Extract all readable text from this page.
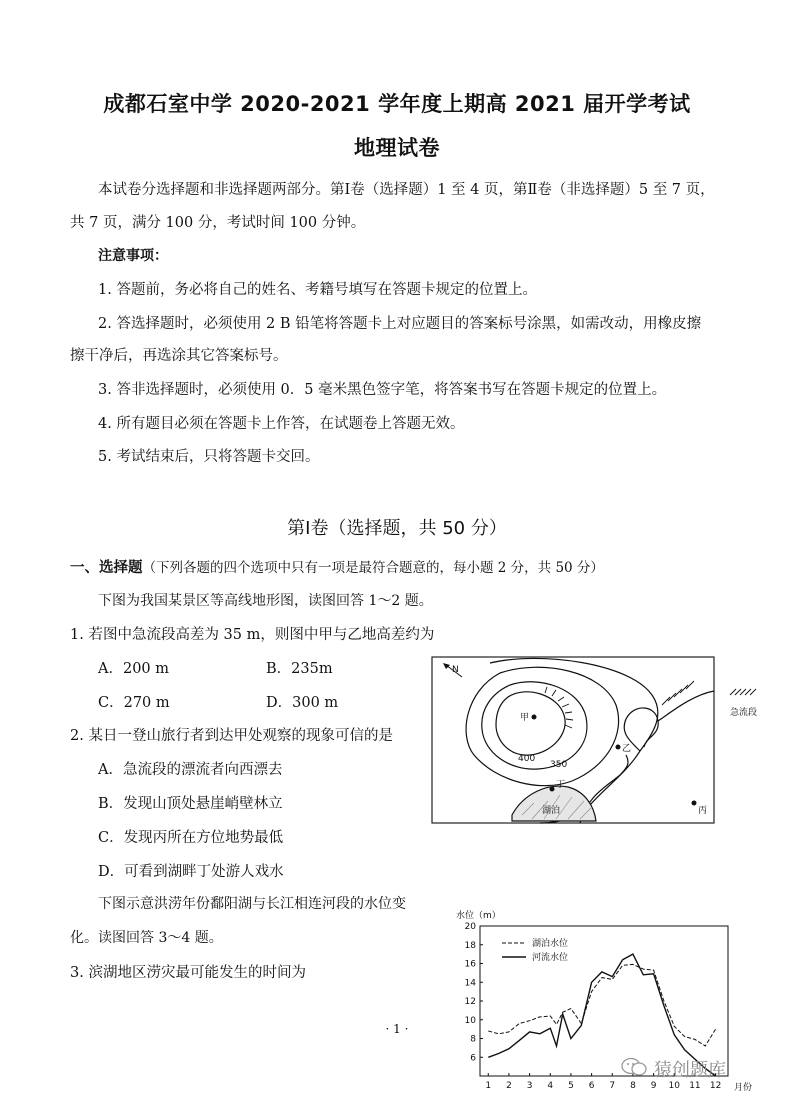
成都石室中学 2020-2021 学年度上期高 2021 届开学考试
地理试卷
本试卷分选择题和非选择题两部分。第Ⅰ卷（选择题）1 至 4 页，第Ⅱ卷（非选择题）5 至 7 页，
共 7 页，满分 100 分，考试时间 100 分钟。
注意事项：
1. 答题前，务必将自己的姓名、考籍号填写在答题卡规定的位置上。
2. 答选择题时，必须使用 2 B 铅笔将答题卡上对应题目的答案标号涂黑，如需改动，用橡皮擦
擦干净后，再选涂其它答案标号。
3. 答非选择题时，必须使用 0．5 毫米黑色签字笔，将答案书写在答题卡规定的位置上。
4. 所有题目必须在答题卡上作答，在试题卷上答题无效。
5. 考试结束后，只将答题卡交回。
第Ⅰ卷（选择题，共 50 分）
一、选择题（下列各题的四个选项中只有一项是最符合题意的，每小题 2 分，共 50 分）
下图为我国某景区等高线地形图，读图回答 1～2 题。
1. 若图中急流段高差为 35 m，则图中甲与乙地高差约为
A．200 m	B．235m
C．270 m	D．300 m
2. 某日一登山旅行者到达甲处观察的现象可信的是
A．急流段的漂流者向西漂去
B．发现山顶处悬崖峭壁林立
C．发现丙所在方位地势最低
D．可看到湖畔丁处游人戏水
N
湖泊
甲
乙
丙
丁
400
350
急流段
下图示意洪涝年份鄱阳湖与长江相连河段的水位变
化。读图回答 3～4 题。
3. 滨湖地区涝灾最可能发生的时间为
水位（m）
6
8
10
12
14
16
18
20
1 2 3 4 5 6 7 8 9 10 11 12 月份
湖泊水位
河流水位
· 1 ·
猿创题库
